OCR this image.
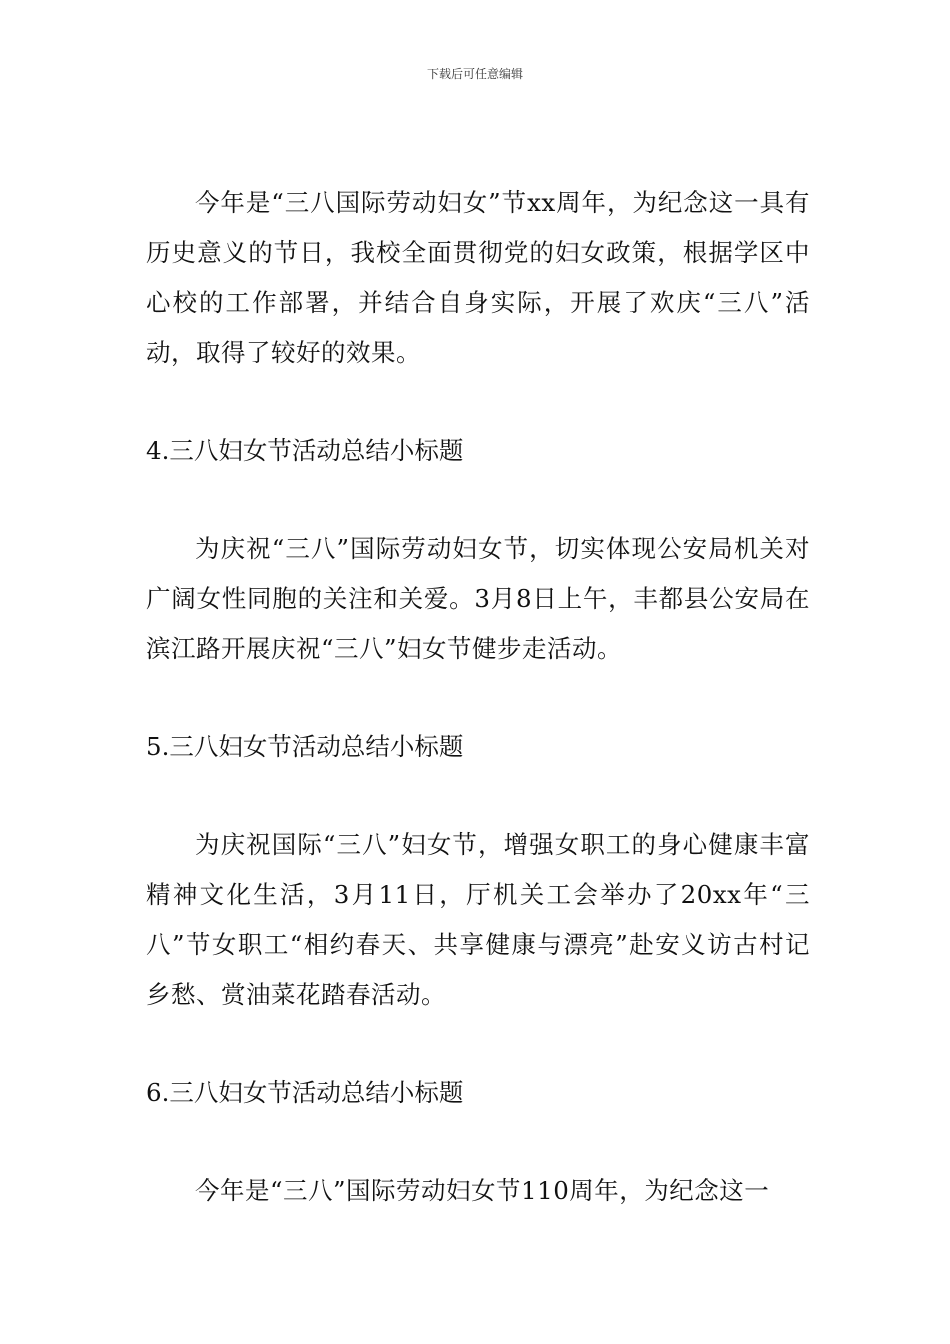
下载后可任意编辑

今年是“三八国际劳动妇女”节xx周年，为纪念这一具有历史意义的节日，我校全面贯彻党的妇女政策，根据学区中心校的工作部署，并结合自身实际，开展了欢庆“三八”活动，取得了较好的效果。

4.三八妇女节活动总结小标题

为庆祝“三八”国际劳动妇女节，切实体现公安局机关对广阔女性同胞的关注和关爱。3月8日上午，丰都县公安局在滨江路开展庆祝“三八”妇女节健步走活动。

5.三八妇女节活动总结小标题

为庆祝国际“三八”妇女节，增强女职工的身心健康丰富精神文化生活，3月11日，厅机关工会举办了20xx年“三八”节女职工“相约春天、共享健康与漂亮”赴安义访古村记乡愁、赏油菜花踏春活动。

6.三八妇女节活动总结小标题

今年是“三八”国际劳动妇女节110周年，为纪念这一
